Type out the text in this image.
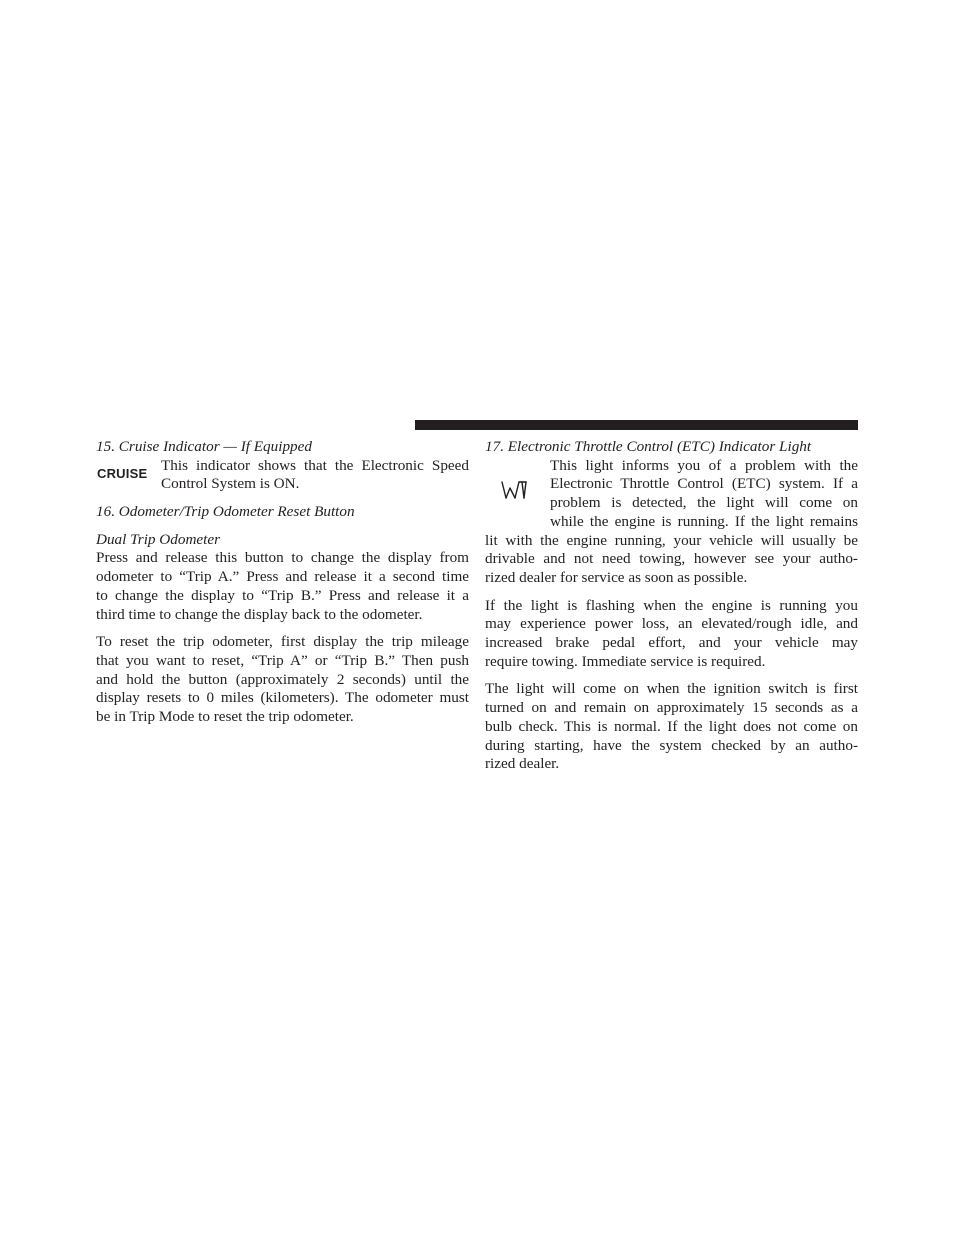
15. Cruise Indicator — If Equipped

CRUISE This indicator shows that the Electronic Speed
Control System is ON.

16. Odometer/Trip Odometer Reset Button

Dual Trip Odometer

Press and release this button to change the display from
odometer to “Trip A.” Press and release it a second time
to change the display to “Trip B.” Press and release it a
third time to change the display back to the odometer.
To reset the trip odometer, first display the trip mileage
that you want to reset, “Trip A” or “Trip B.” Then push
and hold the button (approximately 2 seconds) until the
display resets to 0 miles (kilometers). The odometer must
be in Trip Mode to reset the trip odometer.

17. Electronic Throttle Control (ETC) Indicator Light

This light informs you of a problem with the
Electronic Throttle Control (ETC) system. If a
problem is detected, the light will come on
while the engine is running. If the light remains
lit with the engine running, your vehicle will usually be
drivable and not need towing, however see your autho-
rized dealer for service as soon as possible.
If the light is flashing when the engine is running you
may experience power loss, an elevated/rough idle, and
increased brake pedal effort, and your vehicle may
require towing. Immediate service is required.
The light will come on when the ignition switch is first
turned on and remain on approximately 15 seconds as a
bulb check. This is normal. If the light does not come on
during starting, have the system checked by an autho-
rized dealer.
